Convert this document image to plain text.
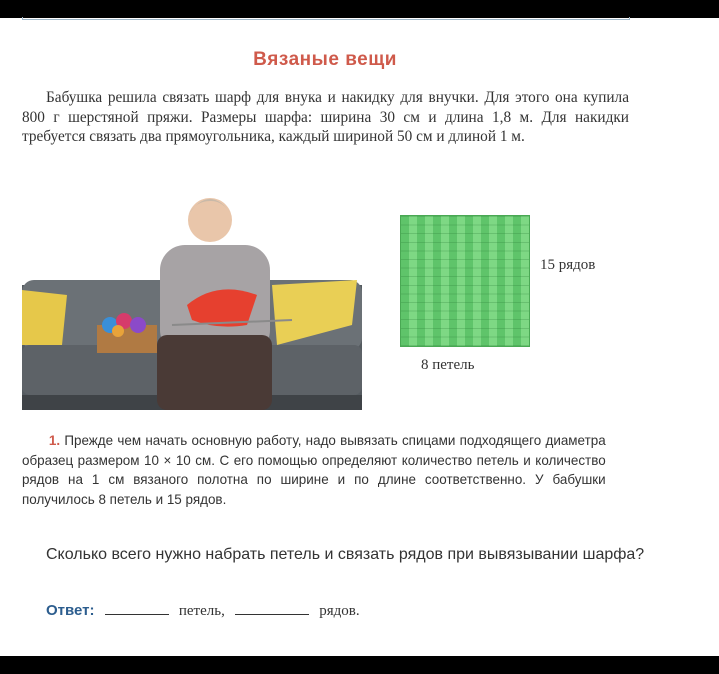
Вязаные вещи
Бабушка решила связать шарф для внука и накидку для внучки. Для этого она купила 800 г шерстяной пряжи. Размеры шарфа: ширина 30 см и длина 1,8 м. Для накидки требуется связать два прямоугольника, каждый шириной 50 см и длиной 1 м.
15 рядов
8 петель
1. Прежде чем начать основную работу, надо вывязать спицами подходящего диаметра образец размером 10 × 10 см. С его помощью определяют количество петель и количество рядов на 1 см вязаного полотна по ширине и по длине соответственно. У бабушки получилось 8 петель и 15 рядов.
Сколько всего нужно набрать петель и связать рядов при вывязывании шарфа?
Ответ:	петель,	рядов.
